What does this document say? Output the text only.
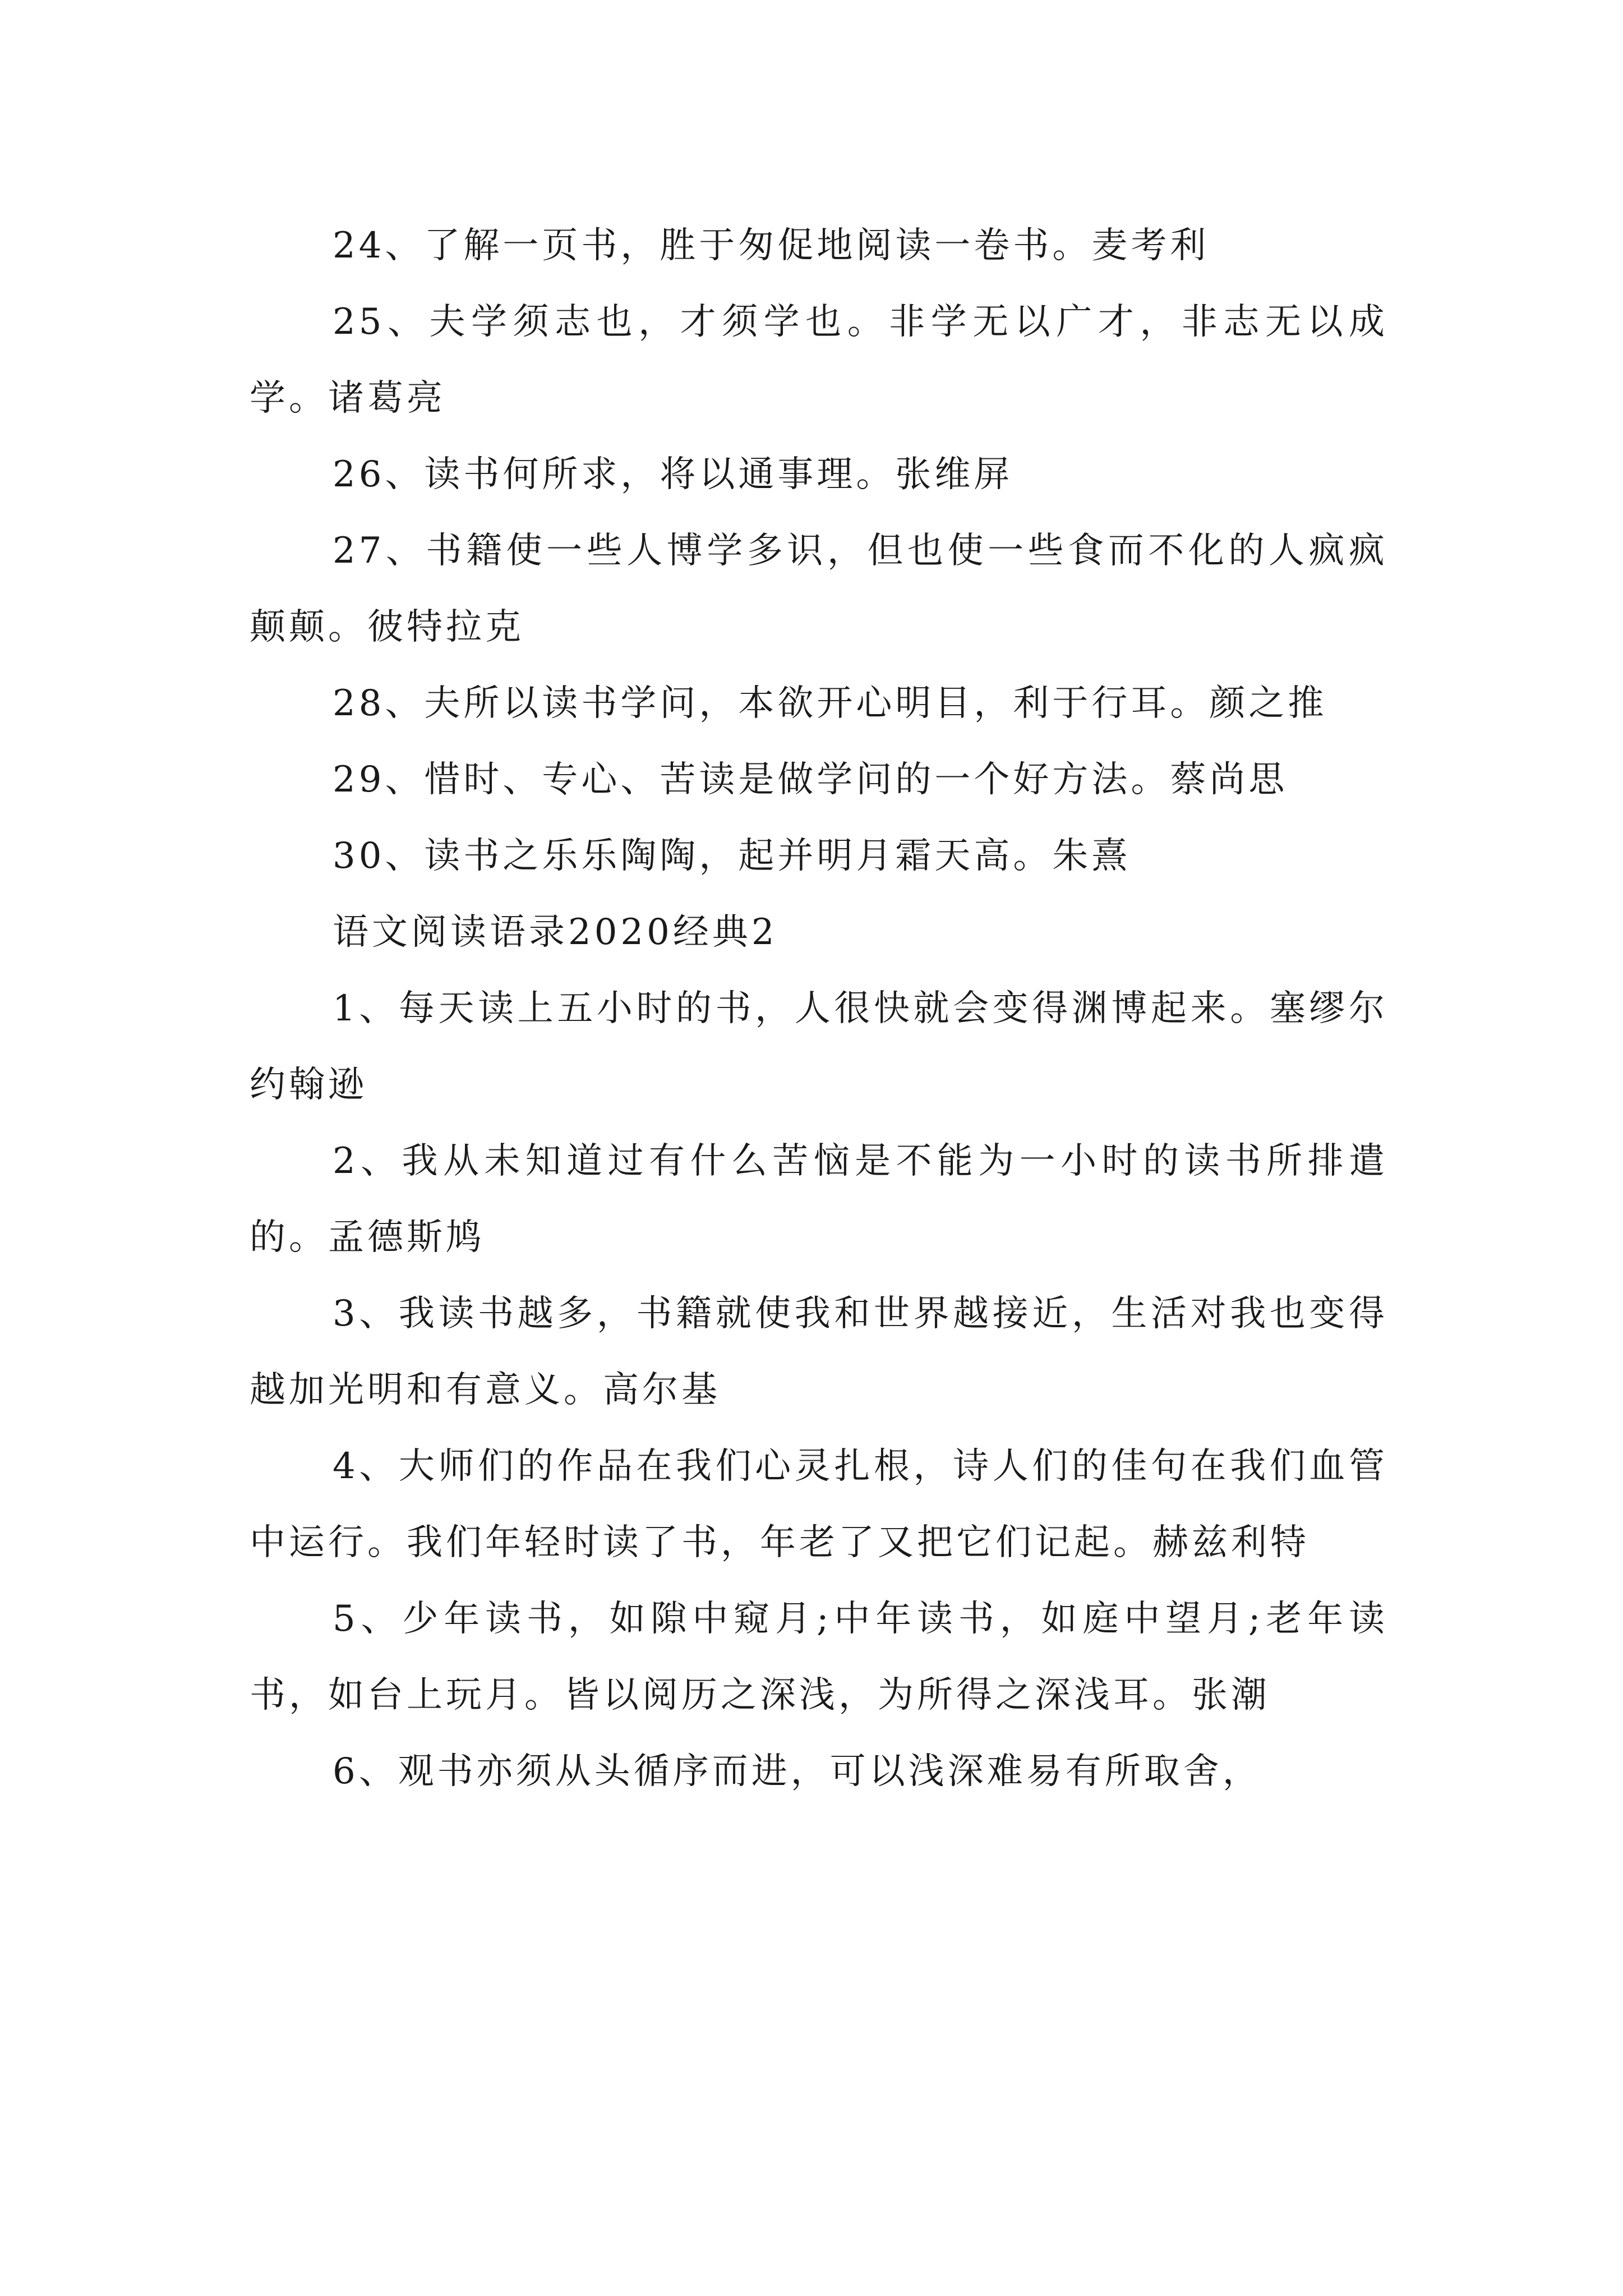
24、了解一页书，胜于匆促地阅读一卷书。麦考利

25、夫学须志也，才须学也。非学无以广才，非志无以成学。诸葛亮

26、读书何所求，将以通事理。张维屏

27、书籍使一些人博学多识，但也使一些食而不化的人疯疯颠颠。彼特拉克

28、夫所以读书学问，本欲开心明目，利于行耳。颜之推

29、惜时、专心、苦读是做学问的一个好方法。蔡尚思

30、读书之乐乐陶陶，起并明月霜天高。朱熹

语文阅读语录2020经典2

1、每天读上五小时的书，人很快就会变得渊博起来。塞缪尔约翰逊

2、我从未知道过有什么苦恼是不能为一小时的读书所排遣的。孟德斯鸠

3、我读书越多，书籍就使我和世界越接近，生活对我也变得越加光明和有意义。高尔基

4、大师们的作品在我们心灵扎根，诗人们的佳句在我们血管中运行。我们年轻时读了书，年老了又把它们记起。赫兹利特

5、少年读书，如隙中窥月;中年读书，如庭中望月;老年读书，如台上玩月。皆以阅历之深浅，为所得之深浅耳。张潮

6、观书亦须从头循序而进，可以浅深难易有所取舍，
